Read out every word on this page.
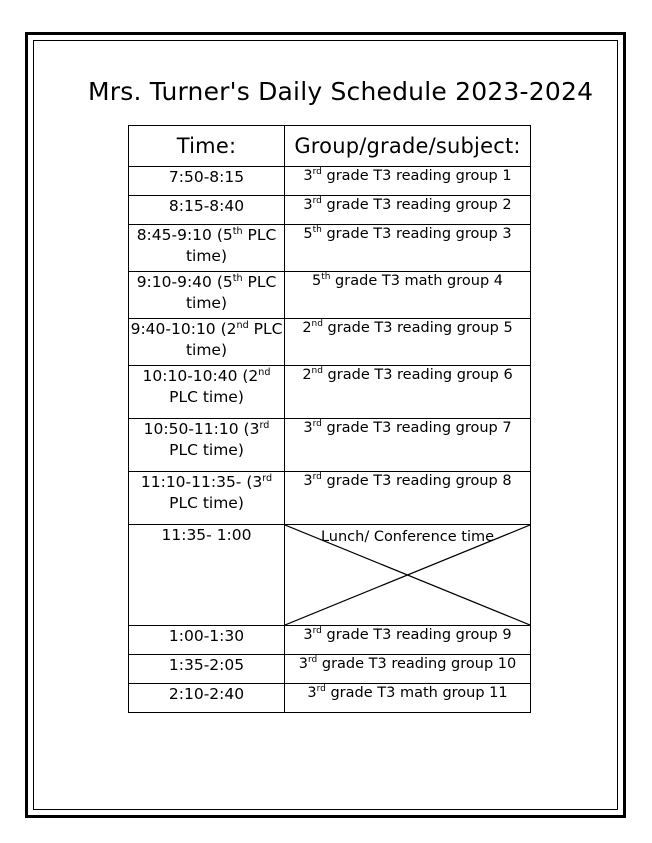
Mrs. Turner's Daily Schedule 2023-2024
Time:	Group/grade/subject:
7:50-8:15	3rd grade T3 reading group 1
8:15-8:40	3rd grade T3 reading group 2
8:45-9:10 (5th PLC time)	5th grade T3 reading group 3
9:10-9:40 (5th PLC time)	5th grade T3 math group 4
9:40-10:10 (2nd PLC time)	2nd grade T3 reading group 5
10:10-10:40 (2nd PLC time)	2nd grade T3 reading group 6
10:50-11:10 (3rd PLC time)	3rd grade T3 reading group 7
11:10-11:35- (3rd PLC time)	3rd grade T3 reading group 8
11:35- 1:00	Lunch/ Conference time

1:00-1:30	3rd grade T3 reading group 9
1:35-2:05	3rd grade T3 reading group 10
2:10-2:40	3rd grade T3 math group 11
